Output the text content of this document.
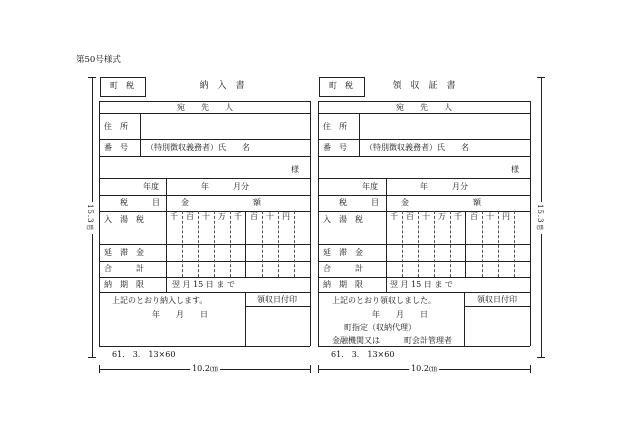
第50号様式
町　税	納　入　書
宛　　先　　人
住　所
番　号 （特別徴収義務者）氏　　名
様
年度	年　　　月分
税　　　目	金　　　　　　　　額
入　湯　税	千 百 十 万 千 百 十 円
延　滞　金
合　　　計
納　期　限	翌 月 15 日 ま で
上記のとおり納入します。
年　　月　　日
領収日付印
61.　3.　13×60
10.2㎝
15.3㎝
町　税	領　収　証　書
宛　　先　　人
住　所
番　号 （特別徴収義務者）氏　　名
様
年度	年　　　月分
税　　　目	金　　　　　　　　額
入　湯　税	千 百 十 万 千 百 十 円
延　滞　金
合　　　計
納　期　限	翌 月 15 日 ま で
上記のとおり領収しました。
年　　月　　日
町指定（収納代理）
金融機関又は　　　町会計管理者
領収日付印
61.　3.　13×60
10.2㎝
15.3㎝
